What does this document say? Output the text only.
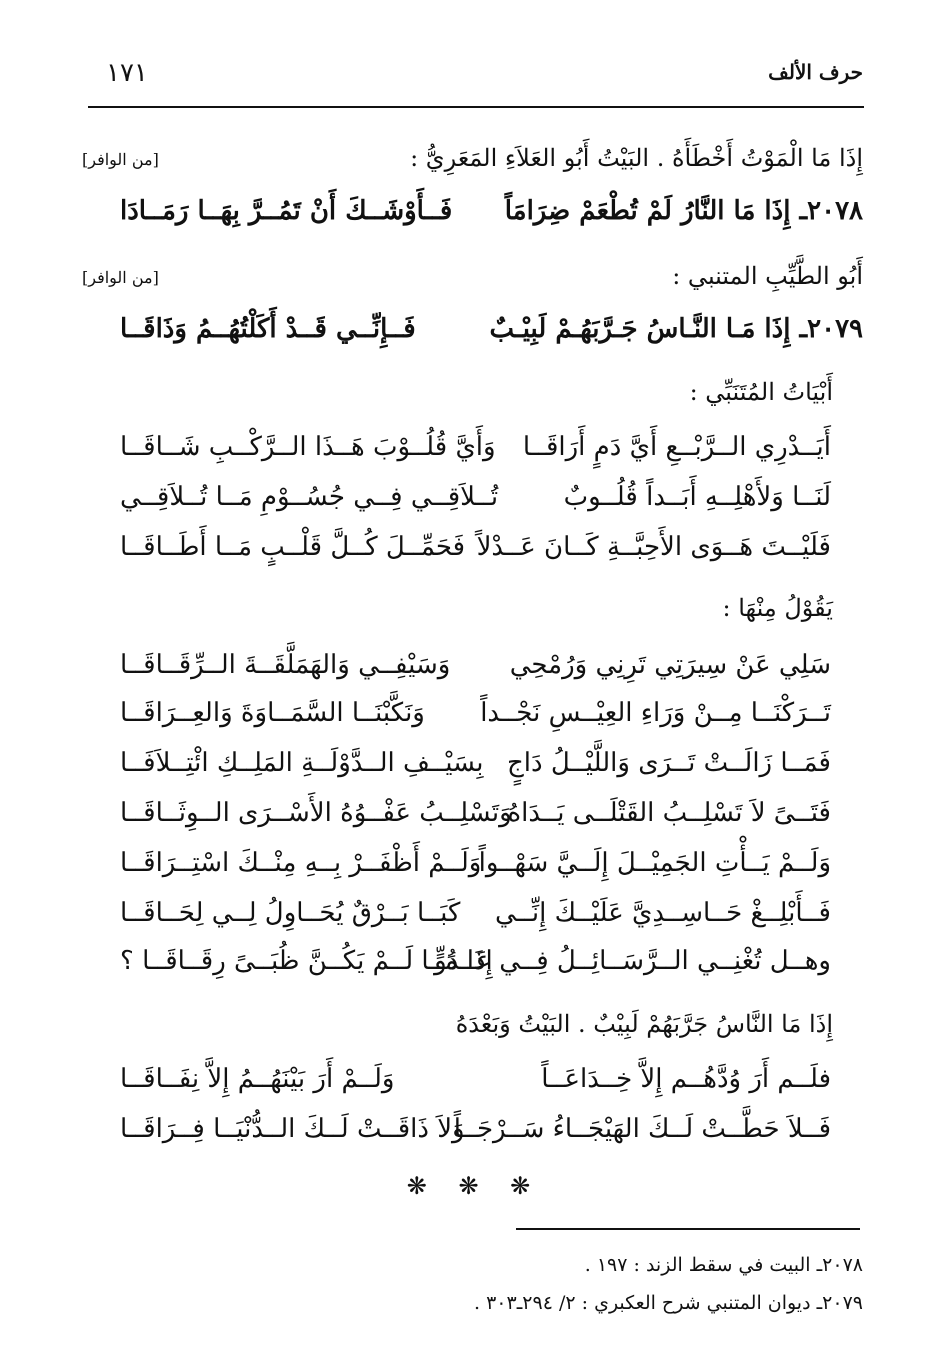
حرف الألف
١٧١
إِذَا مَا الْمَوْتُ أَخْطَأَهُ . البَيْتُ أَبُو العَلاَءِ المَعَرِيُّ :
[من الوافر]
٢٠٧٨ـ إِذَا مَا النَّارُ لَمْ تُطْعَمْ ضِرَامَاً
فَــأَوْشَــكَ أَنْ تَمُــرَّ بِهَــا رَمَــادَا
أَبُو الطَّيِّبِ المتنبي :
[من الوافر]
٢٠٧٩ـ إِذَا مَـا النَّـاسُ جَـرَّبَهُـمْ لَبِيْـبٌ
فَــإِنِّــي قَــدْ أَكَلْتُهُــمُ وَذَاقَــا
أَبْيَاتُ المُتَنَبِّي :
أَيَــدْرِي الــرَّبْــعِ أَيَّ دَمٍ أَرَاقَــا
وَأَيَّ قُلُــوْبَ هَــذَا الــرَّكْــبِ شَــاقَــا
لَنَــا وَلأَهْلِــهِ أَبَــداً قُلُــوبٌ
تُــلاَقِــي فِــي جُسُــوْمِ مَــا تُــلاَقِــي
فَلَيْــتَ هَــوَى الأَحِبَّــةِ كَــانَ عَــدْلاً
فَحَمِّــلَ كُــلَّ قَلْــبٍ مَــا أَطَــاقَــا
يَقُوْلُ مِنْهَا :
سَلِي عَنْ سِيرَتِي تَرِنِي وَرُمْحِي
وَسَيْفِــي وَالهَمَلَّقَــةَ الــرِّقَــاقَــا
تَــرَكْنَــا مِــنْ وَرَاءِ العِيْــسِ نَجْــداً
وَنَكَّبْنَــا السَّمَــاوَةَ وَالعِــرَاقَــا
فَمَــا زَالَــتْ تَــرَى وَاللَّيْــلُ دَاجٍ
بِسَيْــفِ الــدَّوْلَــةِ المَلِــكِ ائْتِــلاَفَــا
فَتَــىً لاَ تَسْلِــبُ القَتْلَــى يَــدَاهُ
وَتَسْلِــبُ عَفْــوُهُ الأَسْــرَى الــوِثَــاقَــا
وَلَــمْ يَــأْتِ الجَمِيْــلَ إِلَــيَّ سَهْــواً
وَلَــمْ أَظْفَــرْ بِــهِ مِنْــكَ اسْتِــرَاقَــا
فَــأَبْلِــغْ حَــاسِــدِيَّ عَلَيْــكَ إِنِّــي
كَبَــا بَــرْقٌ يُحَــاوِلُ لِــي لِحَــاقَــا
وهــل تُغْنِــي الــرَّسَــائِــلُ فِــي عَــدُوٍّ
إِذَا مَــا لَــمْ يَكُــنَّ ظُبَــىً رِقَــاقَــا ؟
إِذَا مَا النَّاسُ جَرَّبَهُمْ لَبِيْبٌ . البَيْتُ وَبَعْدَهُ
فلَــم أَرَ وُدَّهُــم إِلاَّ خِــدَاعَــاً
وَلَــمْ أَرَ بَيْنَهُــمُ إِلاَّ نِفَــاقَــا
فَــلاَ حَطَّــتْ لَــكَ الهَيْجَــاءُ سَــرْجَــاً
وَلاَ ذَاقَــتْ لَــكَ الــدُّنْيَــا فِــرَاقَــا
❋ ❋ ❋
٢٠٧٨ـ البيت في سقط الزند : ١٩٧ .
٢٠٧٩ـ ديوان المتنبي شرح العكبري : ٢/ ٢٩٤ـ٣٠٣ .
